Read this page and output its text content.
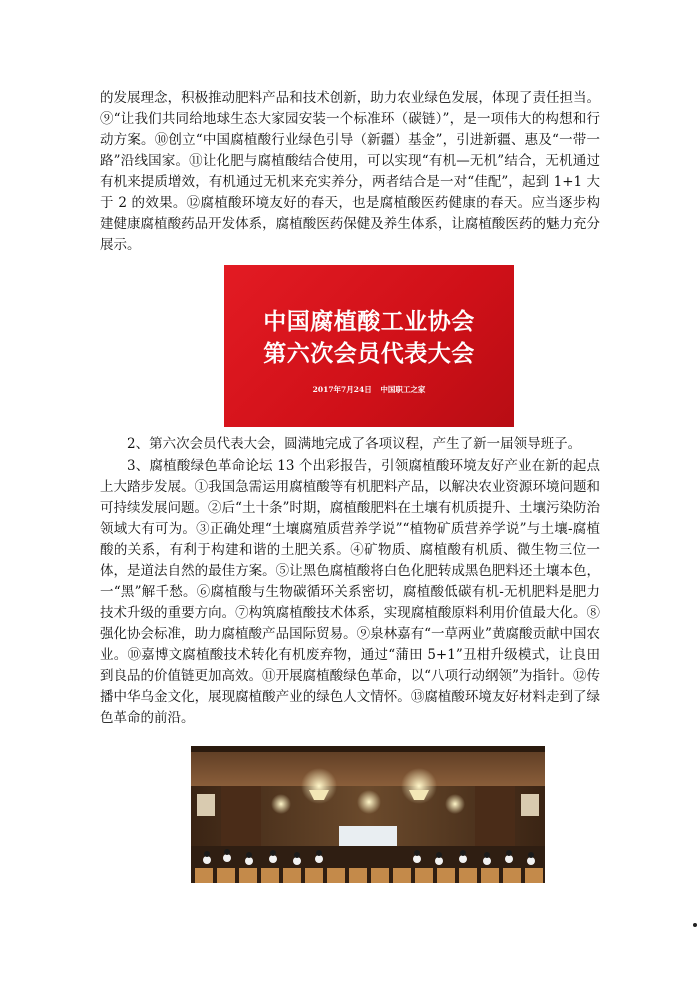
的发展理念，积极推动肥料产品和技术创新，助力农业绿色发展，体现了责任担当。⑨“让我们共同给地球生态大家园安装一个标准环（碳链）”，是一项伟大的构想和行动方案。⑩创立“中国腐植酸行业绿色引导（新疆）基金”，引进新疆、惠及“一带一路”沿线国家。⑪让化肥与腐植酸结合使用，可以实现“有机—无机”结合，无机通过有机来提质增效，有机通过无机来充实养分，两者结合是一对“佳配”，起到 1+1 大于 2 的效果。⑫腐植酸环境友好的春天，也是腐植酸医药健康的春天。应当逐步构建健康腐植酸药品开发体系，腐植酸医药保健及养生体系，让腐植酸医药的魅力充分展示。

中国腐植酸工业协会
第六次会员代表大会
2017年7月24日 中国职工之家

2、第六次会员代表大会，圆满地完成了各项议程，产生了新一届领导班子。

3、腐植酸绿色革命论坛 13 个出彩报告，引领腐植酸环境友好产业在新的起点上大踏步发展。①我国急需运用腐植酸等有机肥料产品，以解决农业资源环境问题和可持续发展问题。②后“土十条”时期，腐植酸肥料在土壤有机质提升、土壤污染防治领域大有可为。③正确处理“土壤腐殖质营养学说”“植物矿质营养学说”与土壤-腐植酸的关系，有利于构建和谐的土肥关系。④矿物质、腐植酸有机质、微生物三位一体，是道法自然的最佳方案。⑤让黑色腐植酸将白色化肥转成黑色肥料还土壤本色，一“黑”解千愁。⑥腐植酸与生物碳循环关系密切，腐植酸低碳有机-无机肥料是肥力技术升级的重要方向。⑦构筑腐植酸技术体系，实现腐植酸原料利用价值最大化。⑧强化协会标准，助力腐植酸产品国际贸易。⑨泉林嘉有“一草两业”黄腐酸贡献中国农业。⑩嘉博文腐植酸技术转化有机废弃物，通过“蒲田 5+1”丑柑升级模式，让良田到良品的价值链更加高效。⑪开展腐植酸绿色革命，以“八项行动纲领”为指针。⑫传播中华乌金文化，展现腐植酸产业的绿色人文情怀。⑬腐植酸环境友好材料走到了绿色革命的前沿。
